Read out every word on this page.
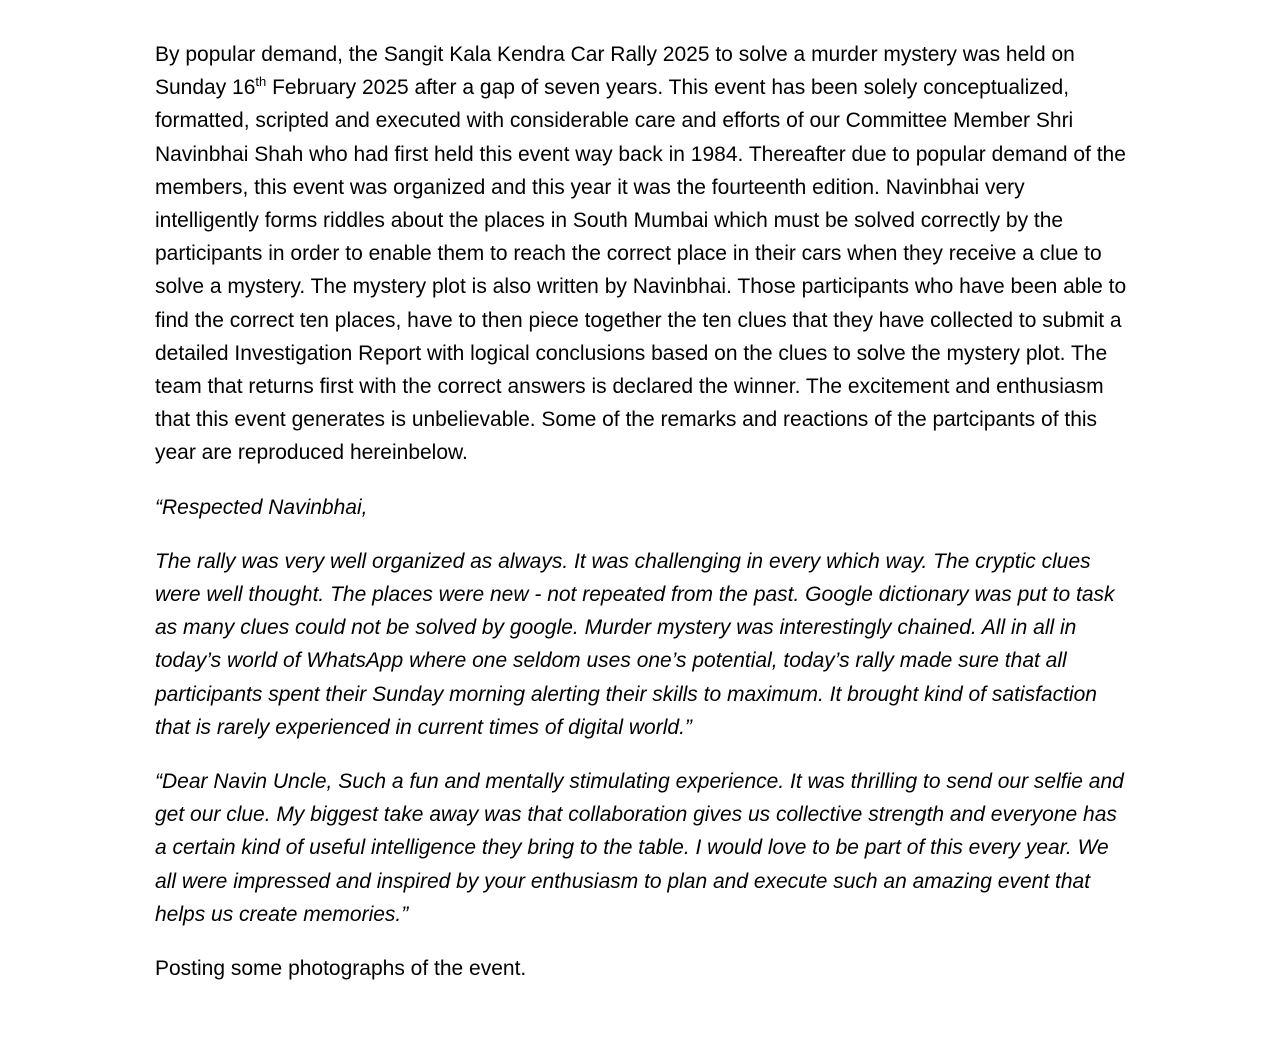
By popular demand, the Sangit Kala Kendra Car Rally 2025 to solve a murder mystery was held on Sunday 16th February 2025 after a gap of seven years. This event has been solely conceptualized, formatted, scripted and executed with considerable care and efforts of our Committee Member Shri Navinbhai Shah who had first held this event way back in 1984. Thereafter due to popular demand of the members, this event was organized and this year it was the fourteenth edition. Navinbhai very intelligently forms riddles about the places in South Mumbai which must be solved correctly by the participants in order to enable them to reach the correct place in their cars when they receive a clue to solve a mystery. The mystery plot is also written by Navinbhai. Those participants who have been able to find the correct ten places, have to then piece together the ten clues that they have collected to submit a detailed Investigation Report with logical conclusions based on the clues to solve the mystery plot. The team that returns first with the correct answers is declared the winner. The excitement and enthusiasm that this event generates is unbelievable. Some of the remarks and reactions of the partcipants of this year are reproduced hereinbelow.

“Respected Navinbhai,

The rally was very well organized as always. It was challenging in every which way. The cryptic clues were well thought. The places were new - not repeated from the past. Google dictionary was put to task as many clues could not be solved by google. Murder mystery was interestingly chained. All in all in today’s world of WhatsApp where one seldom uses one’s potential, today’s rally made sure that all participants spent their Sunday morning alerting their skills to maximum. It brought kind of satisfaction that is rarely experienced in current times of digital world.”

“Dear Navin Uncle, Such a fun and mentally stimulating experience. It was thrilling to send our selfie and get our clue. My biggest take away was that collaboration gives us collective strength and everyone has a certain kind of useful intelligence they bring to the table. I would love to be part of this every year. We all were impressed and inspired by your enthusiasm to plan and execute such an amazing event that helps us create memories.”

Posting some photographs of the event.
